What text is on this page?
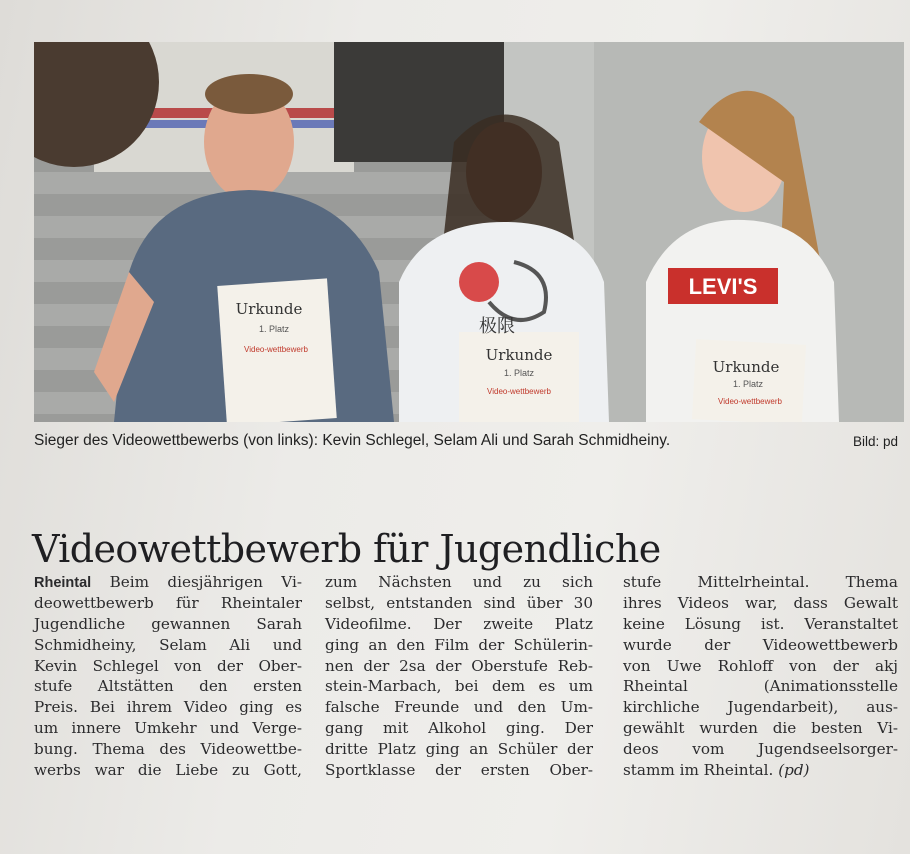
LEVI'S
Urkunde
1. Platz
Video-wettbewerb	Urkunde
1. Platz
Video-wettbewerb
Urkunde
1. Platz
Video-wettbewerb
极限
Sieger des Videowettbewerbs (von links): Kevin Schlegel, Selam Ali und Sarah Schmidheiny.	Bild: pd
Videowettbewerb für Jugendliche
Rheintal Beim diesjährigen Vi-
deowettbewerb für Rheintaler
Jugendliche gewannen Sarah
Schmidheiny, Selam Ali und
Kevin Schlegel von der Ober-
stufe Altstätten den ersten
Preis. Bei ihrem Video ging es
um innere Umkehr und Verge-
bung. Thema des Videowettbe-
werbs war die Liebe zu Gott,
zum Nächsten und zu sich
selbst, entstanden sind über 30
Videofilme. Der zweite Platz
ging an den Film der Schülerin-
nen der 2sa der Oberstufe Reb-
stein-Marbach, bei dem es um
falsche Freunde und den Um-
gang mit Alkohol ging. Der
dritte Platz ging an Schüler der
Sportklasse der ersten Ober-
stufe Mittelrheintal. Thema
ihres Videos war, dass Gewalt
keine Lösung ist. Veranstaltet
wurde der Videowettbewerb
von Uwe Rohloff von der akj
Rheintal (Animationsstelle
kirchliche Jugendarbeit), aus-
gewählt wurden die besten Vi-
deos vom Jugendseelsorger-
stamm im Rheintal. (pd)
